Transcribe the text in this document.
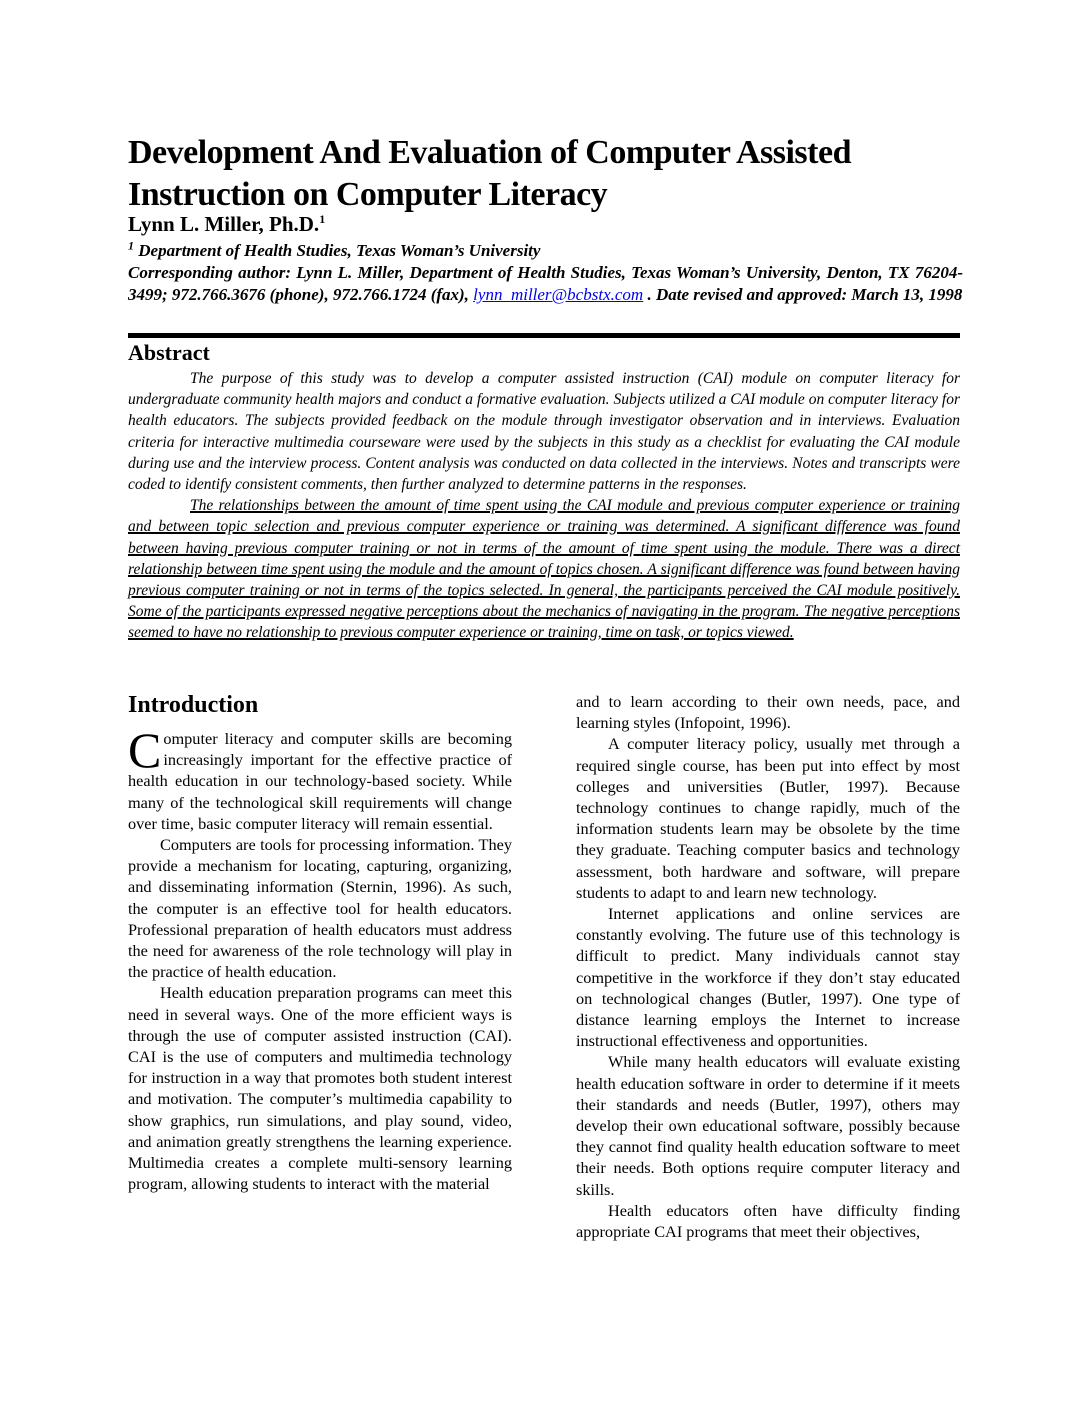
Development And Evaluation of Computer Assisted Instruction on Computer Literacy
Lynn L. Miller, Ph.D.$^1$
$^1$ Department of Health Studies, Texas Woman’s University
Corresponding author: Lynn L. Miller, Department of Health Studies, Texas Woman’s University, Denton, TX 76204-3499; 972.766.3676 (phone), 972.766.1724 (fax), lynn_miller@bcbstx.com . Date revised and approved: March 13, 1998
Abstract

The purpose of this study was to develop a computer assisted instruction (CAI) module on computer literacy for undergraduate community health majors and conduct a formative evaluation. Subjects utilized a CAI module on computer literacy for health educators. The subjects provided feedback on the module through investigator observation and in interviews. Evaluation criteria for interactive multimedia courseware were used by the subjects in this study as a checklist for evaluating the CAI module during use and the interview process. Content analysis was conducted on data collected in the interviews. Notes and transcripts were coded to identify consistent comments, then further analyzed to determine patterns in the responses.

The relationships between the amount of time spent using the CAI module and previous computer experience or training and between topic selection and previous computer experience or training was determined. A significant difference was found between having previous computer training or not in terms of the amount of time spent using the module. There was a direct relationship between time spent using the module and the amount of topics chosen. A significant difference was found between having previous computer training or not in terms of the topics selected. In general, the participants perceived the CAI module positively. Some of the participants expressed negative perceptions about the mechanics of navigating in the program. The negative perceptions seemed to have no relationship to previous computer experience or training, time on task, or topics viewed.

Introduction

Computer literacy and computer skills are becoming increasingly important for the effective practice of health education in our technology-based society. While many of the technological skill requirements will change over time, basic computer literacy will remain essential.

Computers are tools for processing information. They provide a mechanism for locating, capturing, organizing, and disseminating information (Sternin, 1996). As such, the computer is an effective tool for health educators. Professional preparation of health educators must address the need for awareness of the role technology will play in the practice of health education.

Health education preparation programs can meet this need in several ways. One of the more efficient ways is through the use of computer assisted instruction (CAI). CAI is the use of computers and multimedia technology for instruction in a way that promotes both student interest and motivation. The computer’s multimedia capability to show graphics, run simulations, and play sound, video, and animation greatly strengthens the learning experience. Multimedia creates a complete multi-sensory learning program, allowing students to interact with the material

and to learn according to their own needs, pace, and learning styles (Infopoint, 1996).

A computer literacy policy, usually met through a required single course, has been put into effect by most colleges and universities (Butler, 1997). Because technology continues to change rapidly, much of the information students learn may be obsolete by the time they graduate. Teaching computer basics and technology assessment, both hardware and software, will prepare students to adapt to and learn new technology.

Internet applications and online services are constantly evolving. The future use of this technology is difficult to predict. Many individuals cannot stay competitive in the workforce if they don’t stay educated on technological changes (Butler, 1997). One type of distance learning employs the Internet to increase instructional effectiveness and opportunities.

While many health educators will evaluate existing health education software in order to determine if it meets their standards and needs (Butler, 1997), others may develop their own educational software, possibly because they cannot find quality health education software to meet their needs. Both options require computer literacy and skills.

Health educators often have difficulty finding appropriate CAI programs that meet their objectives,
